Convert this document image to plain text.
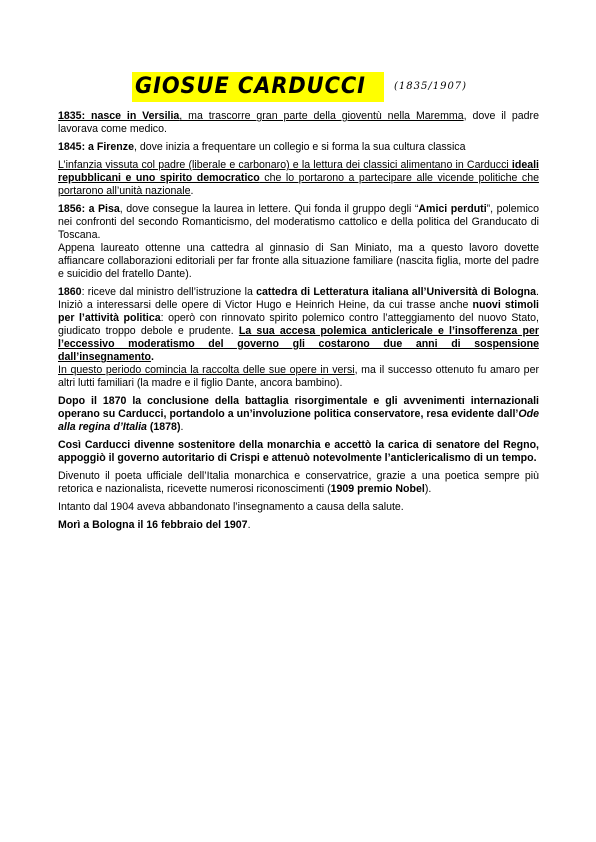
GIOSUE CARDUCCI	(1835/1907)

1835: nasce in Versilia, ma trascorre gran parte della gioventù nella Maremma, dove il padre lavorava come medico.

1845: a Firenze, dove inizia a frequentare un collegio e si forma la sua cultura classica

L’infanzia vissuta col padre (liberale e carbonaro) e la lettura dei classici alimentano in Carducci ideali repubblicani e uno spirito democratico che lo portarono a partecipare alle vicende politiche che portarono all’unità nazionale.

1856: a Pisa, dove consegue la laurea in lettere. Qui fonda il gruppo degli “Amici perduti”, polemico nei confronti del secondo Romanticismo, del moderatismo cattolico e della politica del Granducato di Toscana.
Appena laureato ottenne una cattedra al ginnasio di San Miniato, ma a questo lavoro dovette affiancare collaborazioni editoriali per far fronte alla situazione familiare (nascita figlia, morte del padre e suicidio del fratello Dante).

1860: riceve dal ministro dell’istruzione la cattedra di Letteratura italiana all’Università di Bologna. Iniziò a interessarsi delle opere di Victor Hugo e Heinrich Heine, da cui trasse anche nuovi stimoli per l’attività politica: operò con rinnovato spirito polemico contro l’atteggiamento del nuovo Stato, giudicato troppo debole e prudente. La sua accesa polemica anticlericale e l’insofferenza per l’eccessivo moderatismo del governo gli costarono due anni di sospensione dall’insegnamento.
In questo periodo comincia la raccolta delle sue opere in versi, ma il successo ottenuto fu amaro per altri lutti familiari (la madre e il figlio Dante, ancora bambino).

Dopo il 1870 la conclusione della battaglia risorgimentale e gli avvenimenti internazionali operano su Carducci, portandolo a un’involuzione politica conservatore, resa evidente dall’Ode alla regina d’Italia (1878).

Così Carducci divenne sostenitore della monarchia e accettò la carica di senatore del Regno, appoggiò il governo autoritario di Crispi e attenuò notevolmente l’anticlericalismo di un tempo.

Divenuto il poeta ufficiale dell’Italia monarchica e conservatrice, grazie a una poetica sempre più retorica e nazionalista, ricevette numerosi riconoscimenti (1909 premio Nobel).

Intanto dal 1904 aveva abbandonato l’insegnamento a causa della salute.

Morì a Bologna il 16 febbraio del 1907.
